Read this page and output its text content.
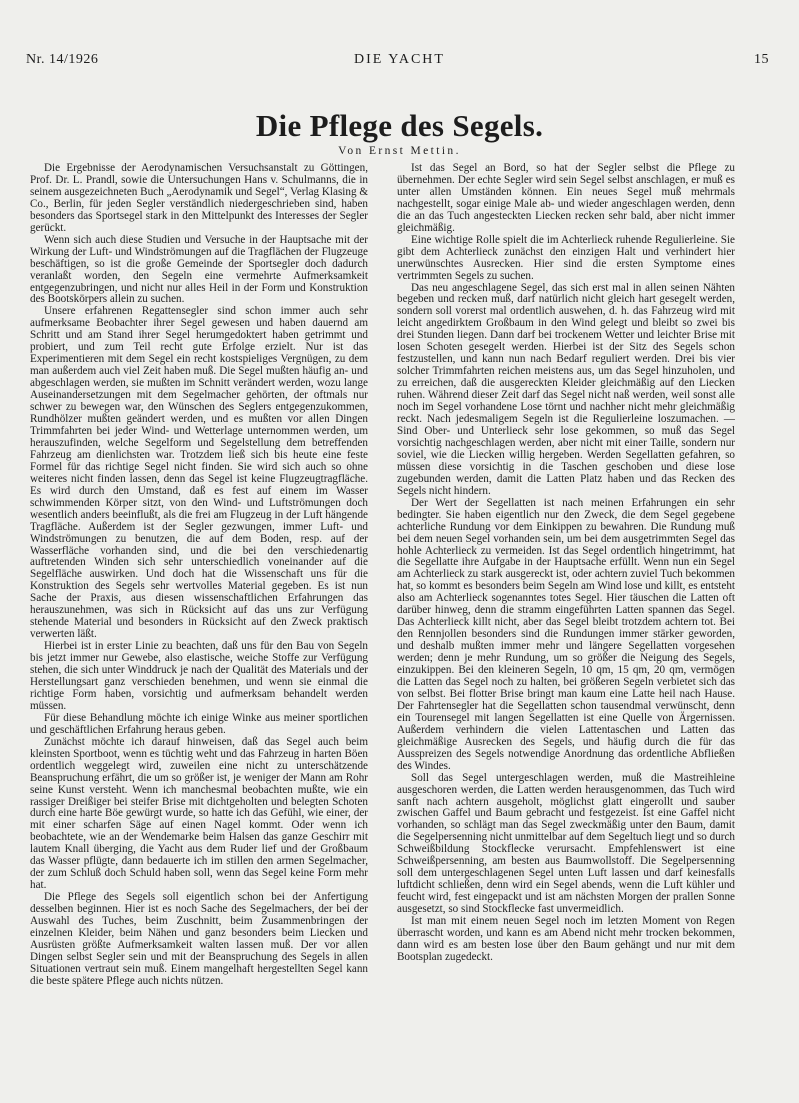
Nr. 14/1926	DIE YACHT	15
Die Pflege des Segels.
Von Ernst Mettin.

Die Ergebnisse der Aerodynamischen Versuchsanstalt zu Göttingen, Prof. Dr. L. Prandl, sowie die Untersuchungen Hans v. Schulmanns, die in seinem ausgezeichneten Buch „Aerodynamik und Segel“, Verlag Klasing & Co., Berlin, für jeden Segler verständlich niedergeschrieben sind, haben besonders das Sportsegel stark in den Mittelpunkt des Interesses der Segler gerückt.

Wenn sich auch diese Studien und Versuche in der Hauptsache mit der Wirkung der Luft- und Windströmungen auf die Tragflächen der Flugzeuge beschäftigen, so ist die große Gemeinde der Sportsegler doch dadurch veranlaßt worden, den Segeln eine vermehrte Aufmerksamkeit entgegenzubringen, und nicht nur alles Heil in der Form und Konstruktion des Bootskörpers allein zu suchen.

Unsere erfahrenen Regattensegler sind schon immer auch sehr aufmerksame Beobachter ihrer Segel gewesen und haben dauernd am Schritt und am Stand ihrer Segel herumgedoktert haben getrimmt und probiert, und zum Teil recht gute Erfolge erzielt. Nur ist das Experimentieren mit dem Segel ein recht kostspieliges Vergnügen, zu dem man außerdem auch viel Zeit haben muß. Die Segel mußten häufig an- und abgeschlagen werden, sie mußten im Schnitt verändert werden, wozu lange Auseinandersetzungen mit dem Segelmacher gehörten, der oftmals nur schwer zu bewegen war, den Wünschen des Seglers entgegenzukommen, Rundhölzer mußten geändert werden, und es mußten vor allen Dingen Trimmfahrten bei jeder Wind- und Wetterlage unternommen werden, um herauszufinden, welche Segelform und Segelstellung dem betreffenden Fahrzeug am dienlichsten war. Trotzdem ließ sich bis heute eine feste Formel für das richtige Segel nicht finden. Sie wird sich auch so ohne weiteres nicht finden lassen, denn das Segel ist keine Flugzeugtragfläche. Es wird durch den Umstand, daß es fest auf einem im Wasser schwimmenden Körper sitzt, von den Wind- und Luftströmungen doch wesentlich anders beeinflußt, als die frei am Flugzeug in der Luft hängende Tragfläche. Außerdem ist der Segler gezwungen, immer Luft- und Windströmungen zu benutzen, die auf dem Boden, resp. auf der Wasserfläche vorhanden sind, und die bei den verschiedenartig auftretenden Winden sich sehr unterschiedlich voneinander auf die Segelfläche auswirken. Und doch hat die Wissenschaft uns für die Konstruktion des Segels sehr wertvolles Material gegeben. Es ist nun Sache der Praxis, aus diesen wissenschaftlichen Erfahrungen das herauszunehmen, was sich in Rücksicht auf das uns zur Verfügung stehende Material und besonders in Rücksicht auf den Zweck praktisch verwerten läßt.

Hierbei ist in erster Linie zu beachten, daß uns für den Bau von Segeln bis jetzt immer nur Gewebe, also elastische, weiche Stoffe zur Verfügung stehen, die sich unter Winddruck je nach der Qualität des Materials und der Herstellungsart ganz verschieden benehmen, und wenn sie einmal die richtige Form haben, vorsichtig und aufmerksam behandelt werden müssen.

Für diese Behandlung möchte ich einige Winke aus meiner sportlichen und geschäftlichen Erfahrung heraus geben.

Zunächst möchte ich darauf hinweisen, daß das Segel auch beim kleinsten Sportboot, wenn es tüchtig weht und das Fahrzeug in harten Böen ordentlich weggelegt wird, zuweilen eine nicht zu unterschätzende Beanspruchung erfährt, die um so größer ist, je weniger der Mann am Rohr seine Kunst versteht. Wenn ich manchesmal beobachten mußte, wie ein rassiger Dreißiger bei steifer Brise mit dichtgeholten und belegten Schoten durch eine harte Böe gewürgt wurde, so hatte ich das Gefühl, wie einer, der mit einer scharfen Säge auf einen Nagel kommt. Oder wenn ich beobachtete, wie an der Wendemarke beim Halsen das ganze Geschirr mit lautem Knall überging, die Yacht aus dem Ruder lief und der Großbaum das Wasser pflügte, dann bedauerte ich im stillen den armen Segelmacher, der zum Schluß doch Schuld haben soll, wenn das Segel keine Form mehr hat.

Die Pflege des Segels soll eigentlich schon bei der Anfertigung desselben beginnen. Hier ist es noch Sache des Segelmachers, der bei der Auswahl des Tuches, beim Zuschnitt, beim Zusammenbringen der einzelnen Kleider, beim Nähen und ganz besonders beim Liecken und Ausrüsten größte Aufmerksamkeit walten lassen muß. Der vor allen Dingen selbst Segler sein und mit der Beanspruchung des Segels in allen Situationen vertraut sein muß. Einem mangelhaft hergestellten Segel kann die beste spätere Pflege auch nichts nützen.

Ist das Segel an Bord, so hat der Segler selbst die Pflege zu übernehmen. Der echte Segler wird sein Segel selbst anschlagen, er muß es unter allen Umständen können. Ein neues Segel muß mehrmals nachgestellt, sogar einige Male ab- und wieder angeschlagen werden, denn die an das Tuch angesteckten Liecken recken sehr bald, aber nicht immer gleichmäßig.

Eine wichtige Rolle spielt die im Achterlieck ruhende Regulierleine. Sie gibt dem Achterlieck zunächst den einzigen Halt und verhindert hier unerwünschtes Ausrecken. Hier sind die ersten Symptome eines vertrimmten Segels zu suchen.

Das neu angeschlagene Segel, das sich erst mal in allen seinen Nähten begeben und recken muß, darf natürlich nicht gleich hart gesegelt werden, sondern soll vorerst mal ordentlich auswehen, d. h. das Fahrzeug wird mit leicht angedirktem Großbaum in den Wind gelegt und bleibt so zwei bis drei Stunden liegen. Dann darf bei trockenem Wetter und leichter Brise mit losen Schoten gesegelt werden. Hierbei ist der Sitz des Segels schon festzustellen, und kann nun nach Bedarf reguliert werden. Drei bis vier solcher Trimmfahrten reichen meistens aus, um das Segel hinzuholen, und zu erreichen, daß die ausgereckten Kleider gleichmäßig auf den Liecken ruhen. Während dieser Zeit darf das Segel nicht naß werden, weil sonst alle noch im Segel vorhandene Lose törnt und nachher nicht mehr gleichmäßig reckt. Nach jedesmaligem Segeln ist die Regulierleine loszumachen. — Sind Ober- und Unterlieck sehr lose gekommen, so muß das Segel vorsichtig nachgeschlagen werden, aber nicht mit einer Taille, sondern nur soviel, wie die Liecken willig hergeben. Werden Segellatten gefahren, so müssen diese vorsichtig in die Taschen geschoben und diese lose zugebunden werden, damit die Latten Platz haben und das Recken des Segels nicht hindern.

Der Wert der Segellatten ist nach meinen Erfahrungen ein sehr bedingter. Sie haben eigentlich nur den Zweck, die dem Segel gegebene achterliche Rundung vor dem Einkippen zu bewahren. Die Rundung muß bei dem neuen Segel vorhanden sein, um bei dem ausgetrimmten Segel das hohle Achterlieck zu vermeiden. Ist das Segel ordentlich hingetrimmt, hat die Segellatte ihre Aufgabe in der Hauptsache erfüllt. Wenn nun ein Segel am Achterlieck zu stark ausgereckt ist, oder achtern zuviel Tuch bekommen hat, so kommt es besonders beim Segeln am Wind lose und killt, es entsteht also am Achterlieck sogenanntes totes Segel. Hier täuschen die Latten oft darüber hinweg, denn die stramm eingeführten Latten spannen das Segel. Das Achterlieck killt nicht, aber das Segel bleibt trotzdem achtern tot. Bei den Rennjollen besonders sind die Rundungen immer stärker geworden, und deshalb mußten immer mehr und längere Segellatten vorgesehen werden; denn je mehr Rundung, um so größer die Neigung des Segels, einzukippen. Bei den kleineren Segeln, 10 qm, 15 qm, 20 qm, vermögen die Latten das Segel noch zu halten, bei größeren Segeln verbietet sich das von selbst. Bei flotter Brise bringt man kaum eine Latte heil nach Hause. Der Fahrtensegler hat die Segellatten schon tausendmal verwünscht, denn ein Tourensegel mit langen Segellatten ist eine Quelle von Ärgernissen. Außerdem verhindern die vielen Lattentaschen und Latten das gleichmäßige Ausrecken des Segels, und häufig durch die für das Ausspreizen des Segels notwendige Anordnung das ordentliche Abfließen des Windes.

Soll das Segel untergeschlagen werden, muß die Mastreihleine ausgeschoren werden, die Latten werden herausgenommen, das Tuch wird sanft nach achtern ausgeholt, möglichst glatt eingerollt und sauber zwischen Gaffel und Baum gebracht und festgezeist. Ist eine Gaffel nicht vorhanden, so schlägt man das Segel zweckmäßig unter den Baum, damit die Segelpersenning nicht unmittelbar auf dem Segeltuch liegt und so durch Schweißbildung Stockflecke verursacht. Empfehlenswert ist eine Schweißpersenning, am besten aus Baumwollstoff. Die Segelpersenning soll dem untergeschlagenen Segel unten Luft lassen und darf keinesfalls luftdicht schließen, denn wird ein Segel abends, wenn die Luft kühler und feucht wird, fest eingepackt und ist am nächsten Morgen der prallen Sonne ausgesetzt, so sind Stockflecke fast unvermeidlich.

Ist man mit einem neuen Segel noch im letzten Moment von Regen überrascht worden, und kann es am Abend nicht mehr trocken bekommen, dann wird es am besten lose über den Baum gehängt und nur mit dem Bootsplan zugedeckt.
